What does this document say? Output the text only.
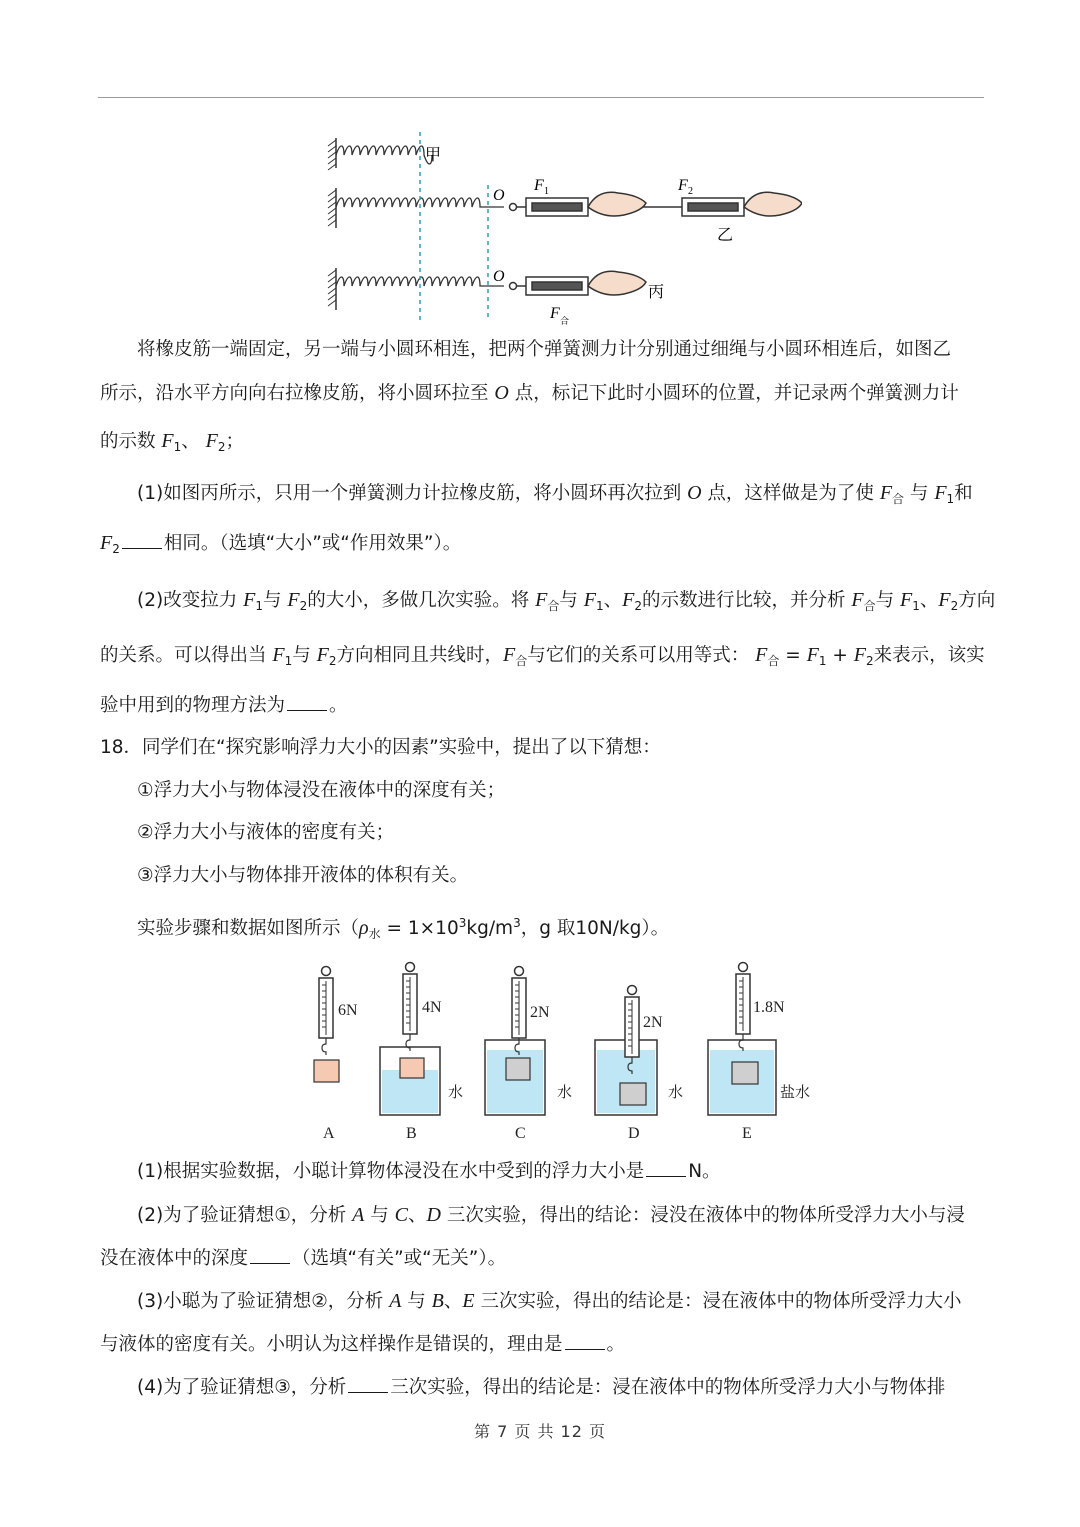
甲
O
F 1	F 2
乙
O
丙
F 合
将橡皮筋一端固定，另一端与小圆环相连，把两个弹簧测力计分别通过细绳与小圆环相连后，如图乙
所示，沿水平方向向右拉橡皮筋，将小圆环拉至 O 点，标记下此时小圆环的位置，并记录两个弹簧测力计
的示数 $F_1$、 $F_2$；
(1)如图丙所示，只用一个弹簧测力计拉橡皮筋，将小圆环再次拉到 O 点，这样做是为了使 $F_合$ 与 $F_1$和
$F_2$ 相同。（选填“大小”或“作用效果”）。
(2)改变拉力 $F_1$与 $F_2$的大小，多做几次实验。将 $F_合$与 $F_1$、$F_2$的示数进行比较，并分析 $F_合$与 $F_1$、$F_2$方向
的关系。可以得出当 $F_1$与 $F_2$方向相同且共线时，$F_合$与它们的关系可以用等式： $F_合 = F_1 + F_2$来表示，该实
验中用到的物理方法为 。
18．同学们在“探究影响浮力大小的因素”实验中，提出了以下猜想：
①浮力大小与物体浸没在液体中的深度有关；
②浮力大小与液体的密度有关；
③浮力大小与物体排开液体的体积有关。
实验步骤和数据如图所示（$\rho_水 = 1\times 10^3kg/m^3$，g 取10N/kg）。
6N	4N	2N
2N
1.8N
A	B	C	D	E
水	水	水	盐水
(1)根据实验数据，小聪计算物体浸没在水中受到的浮力大小是 N。
(2)为了验证猜想①，分析 A 与 C、D 三次实验，得出的结论：浸没在液体中的物体所受浮力大小与浸
没在液体中的深度 （选填“有关”或“无关”）。
(3)小聪为了验证猜想②，分析 A 与 B、E 三次实验，得出的结论是：浸在液体中的物体所受浮力大小
与液体的密度有关。小明认为这样操作是错误的，理由是 。
(4)为了验证猜想③，分析 三次实验，得出的结论是：浸在液体中的物体所受浮力大小与物体排
第 7 页 共 12 页
